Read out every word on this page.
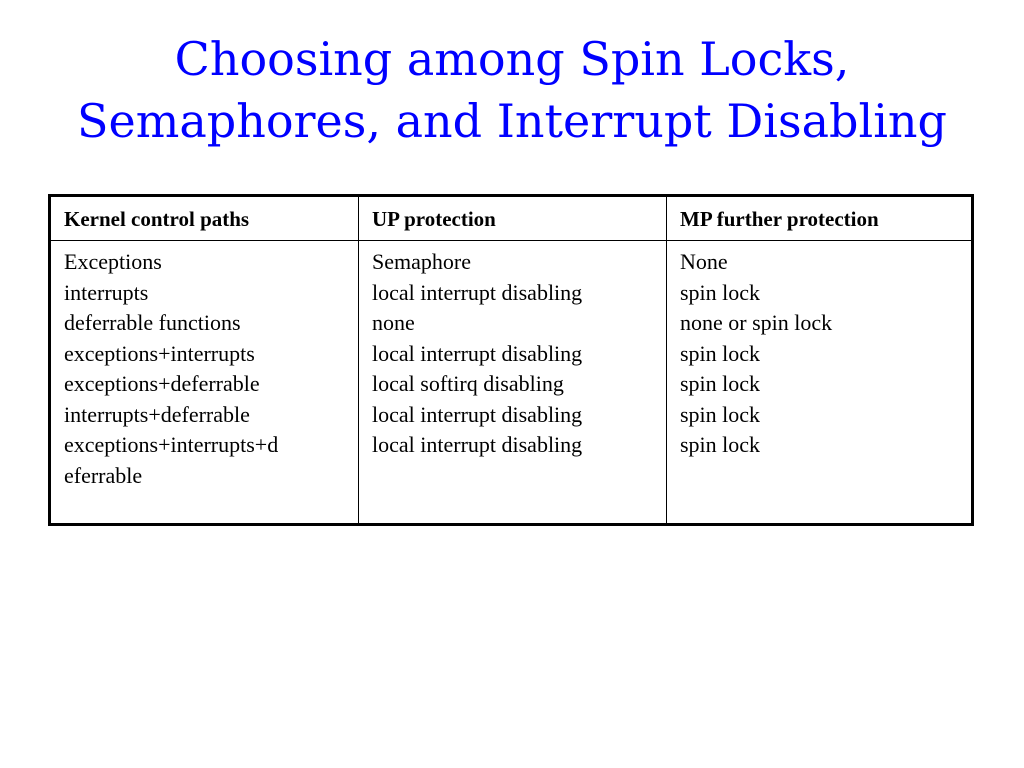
Choosing among Spin Locks,
Semaphores, and Interrupt Disabling
Kernel control paths	UP protection	MP further protection
Exceptions
interrupts
deferrable functions
exceptions+interrupts
exceptions+deferrable
interrupts+deferrable
exceptions+interrupts+d
eferrable
Semaphore
local interrupt disabling
none
local interrupt disabling
local softirq disabling
local interrupt disabling
local interrupt disabling
None
spin lock
none or spin lock
spin lock
spin lock
spin lock
spin lock
